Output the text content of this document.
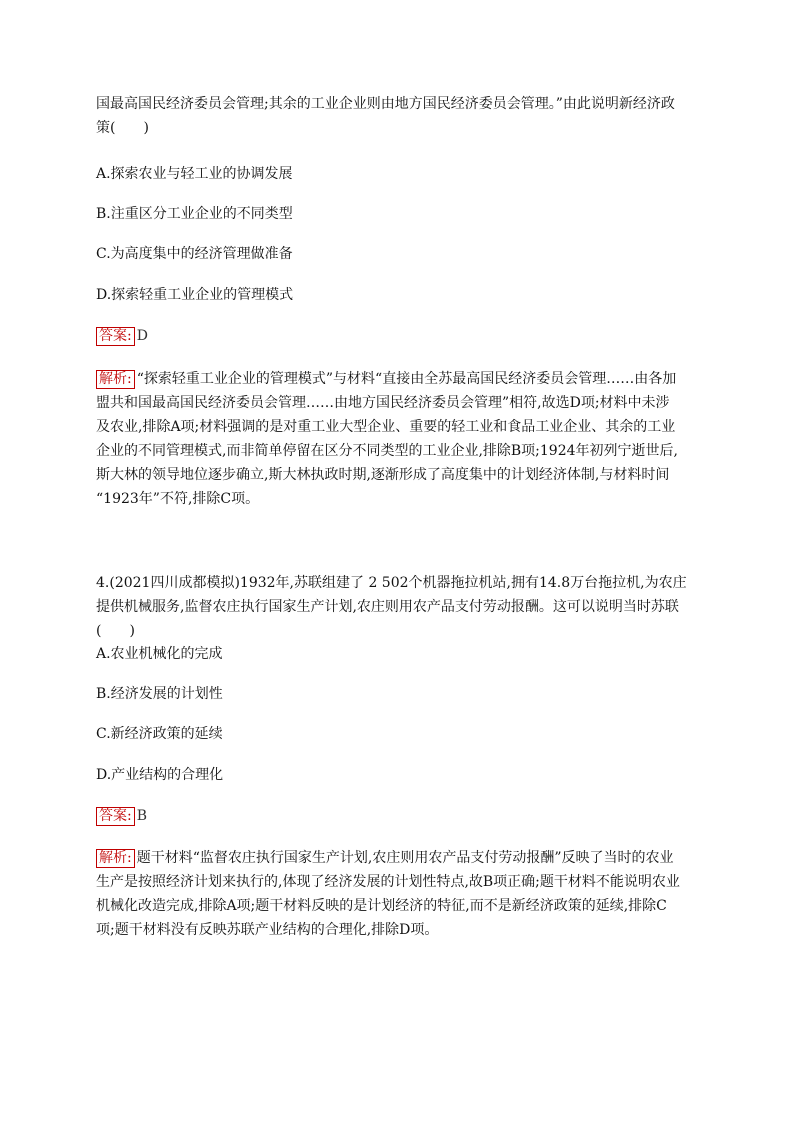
国最高国民经济委员会管理;其余的工业企业则由地方国民经济委员会管理。”由此说明新经济政

策(　　)

A.探索农业与轻工业的协调发展
B.注重区分工业企业的不同类型
C.为高度集中的经济管理做准备
D.探索轻重工业企业的管理模式
答案: D

解析: “探索轻重工业企业的管理模式”与材料“直接由全苏最高国民经济委员会管理……由各加

盟共和国最高国民经济委员会管理……由地方国民经济委员会管理”相符,故选D项;材料中未涉

及农业,排除A项;材料强调的是对重工业大型企业、重要的轻工业和食品工业企业、其余的工业

企业的不同管理模式,而非简单停留在区分不同类型的工业企业,排除B项;1924年初列宁逝世后,

斯大林的领导地位逐步确立,斯大林执政时期,逐渐形成了高度集中的计划经济体制,与材料时间

“1923年”不符,排除C项。

4.(2021四川成都模拟)1932年,苏联组建了 2 502个机器拖拉机站,拥有14.8万台拖拉机,为农庄

提供机械服务,监督农庄执行国家生产计划,农庄则用农产品支付劳动报酬。这可以说明当时苏联

(　　)

A.农业机械化的完成
B.经济发展的计划性
C.新经济政策的延续
D.产业结构的合理化
答案: B

解析: 题干材料“监督农庄执行国家生产计划,农庄则用农产品支付劳动报酬”反映了当时的农业

生产是按照经济计划来执行的,体现了经济发展的计划性特点,故B项正确;题干材料不能说明农业

机械化改造完成,排除A项;题干材料反映的是计划经济的特征,而不是新经济政策的延续,排除C

项;题干材料没有反映苏联产业结构的合理化,排除D项。
